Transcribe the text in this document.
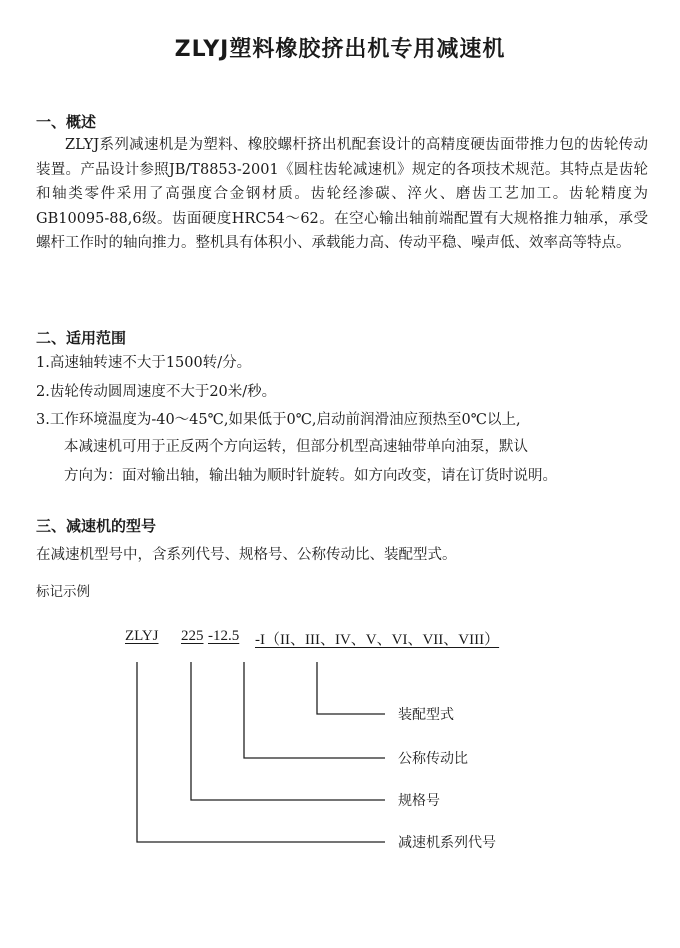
ZLYJ塑料橡胶挤出机专用减速机
一、概述

ZLYJ系列减速机是为塑料、橡胶螺杆挤出机配套设计的高精度硬齿面带推力包的齿轮传动装置。产品设计参照JB/T8853-2001《圆柱齿轮减速机》规定的各项技术规范。其特点是齿轮和轴类零件采用了高强度合金钢材质。齿轮经渗碳、淬火、磨齿工艺加工。齿轮精度为GB10095-88,6级。齿面硬度HRC54～62。在空心输出轴前端配置有大规格推力轴承，承受螺杆工作时的轴向推力。整机具有体积小、承载能力高、传动平稳、噪声低、效率高等特点。

二、适用范围
1.高速轴转速不大于1500转/分。
2.齿轮传动圆周速度不大于20米/秒。
3.工作环境温度为-40～45℃,如果低于0℃,启动前润滑油应预热至0℃以上,
本减速机可用于正反两个方向运转，但部分机型高速轴带单向油泵，默认
方向为：面对输出轴，输出轴为顺时针旋转。如方向改变，请在订货时说明。
三、减速机的型号
在减速机型号中，含系列代号、规格号、公称传动比、装配型式。
标记示例
ZLYJ 225 -12.5 -I（II、III、IV、V、VI、VII、VIII）
装配型式
公称传动比
规格号
减速机系列代号
